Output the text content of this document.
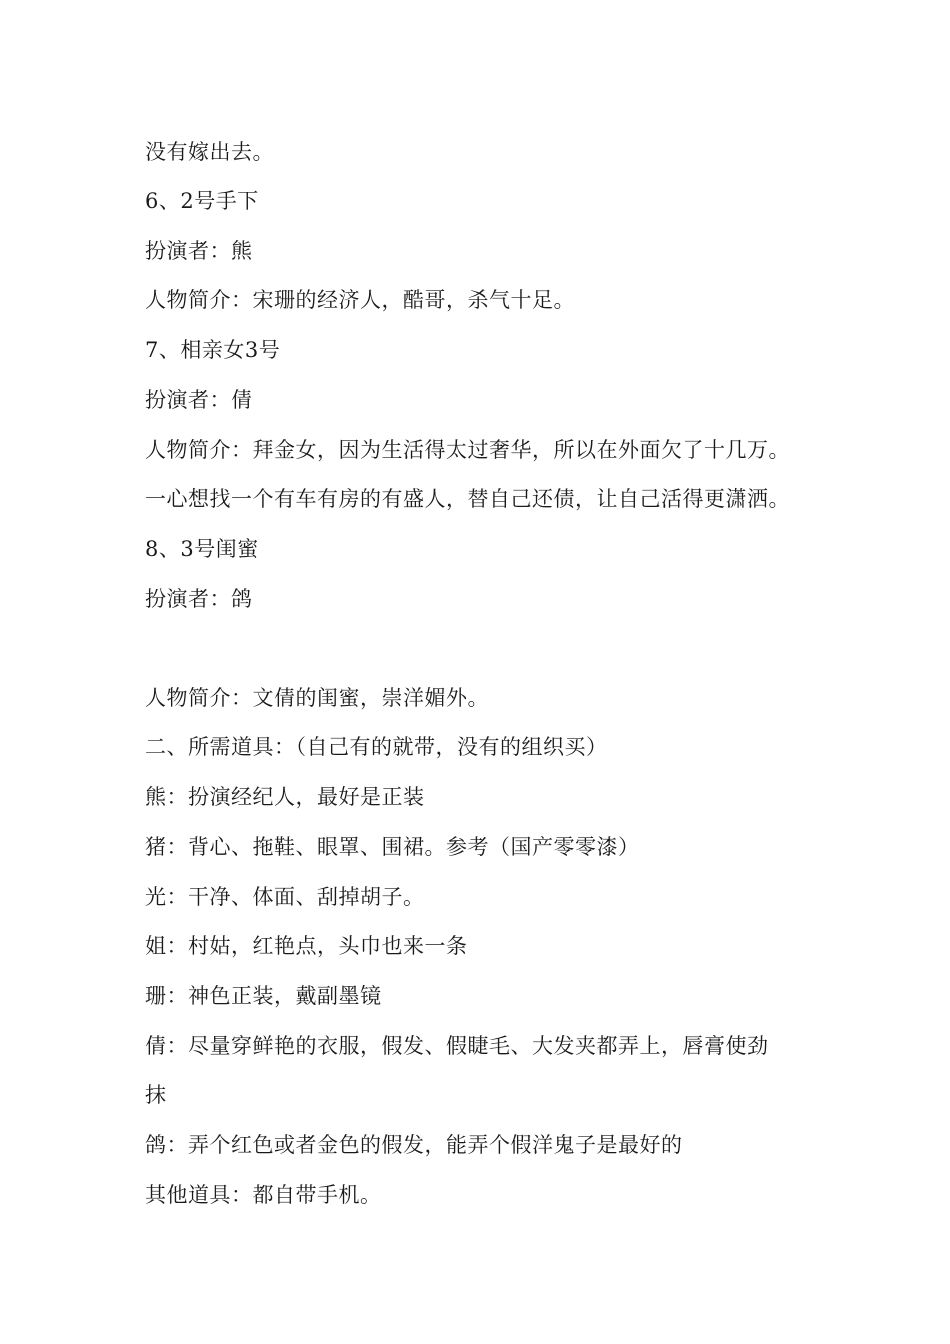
没有嫁出去。
6、2号手下
扮演者：熊
人物简介：宋珊的经济人，酷哥，杀气十足。
7、相亲女3号
扮演者：倩
人物简介：拜金女，因为生活得太过奢华，所以在外面欠了十几万。
一心想找一个有车有房的有盛人，替自己还债，让自己活得更潇洒。
8、3号闺蜜
扮演者：鸽
人物简介：文倩的闺蜜，崇洋媚外。
二、所需道具：（自己有的就带，没有的组织买）
熊：扮演经纪人，最好是正装
猪：背心、拖鞋、眼罩、围裙。参考（国产零零漆）
光：干净、体面、刮掉胡子。
姐：村姑，红艳点，头巾也来一条
珊：神色正装，戴副墨镜
倩：尽量穿鲜艳的衣服，假发、假睫毛、大发夹都弄上，唇膏使劲
抹
鸽：弄个红色或者金色的假发，能弄个假洋鬼子是最好的
其他道具：都自带手机。
